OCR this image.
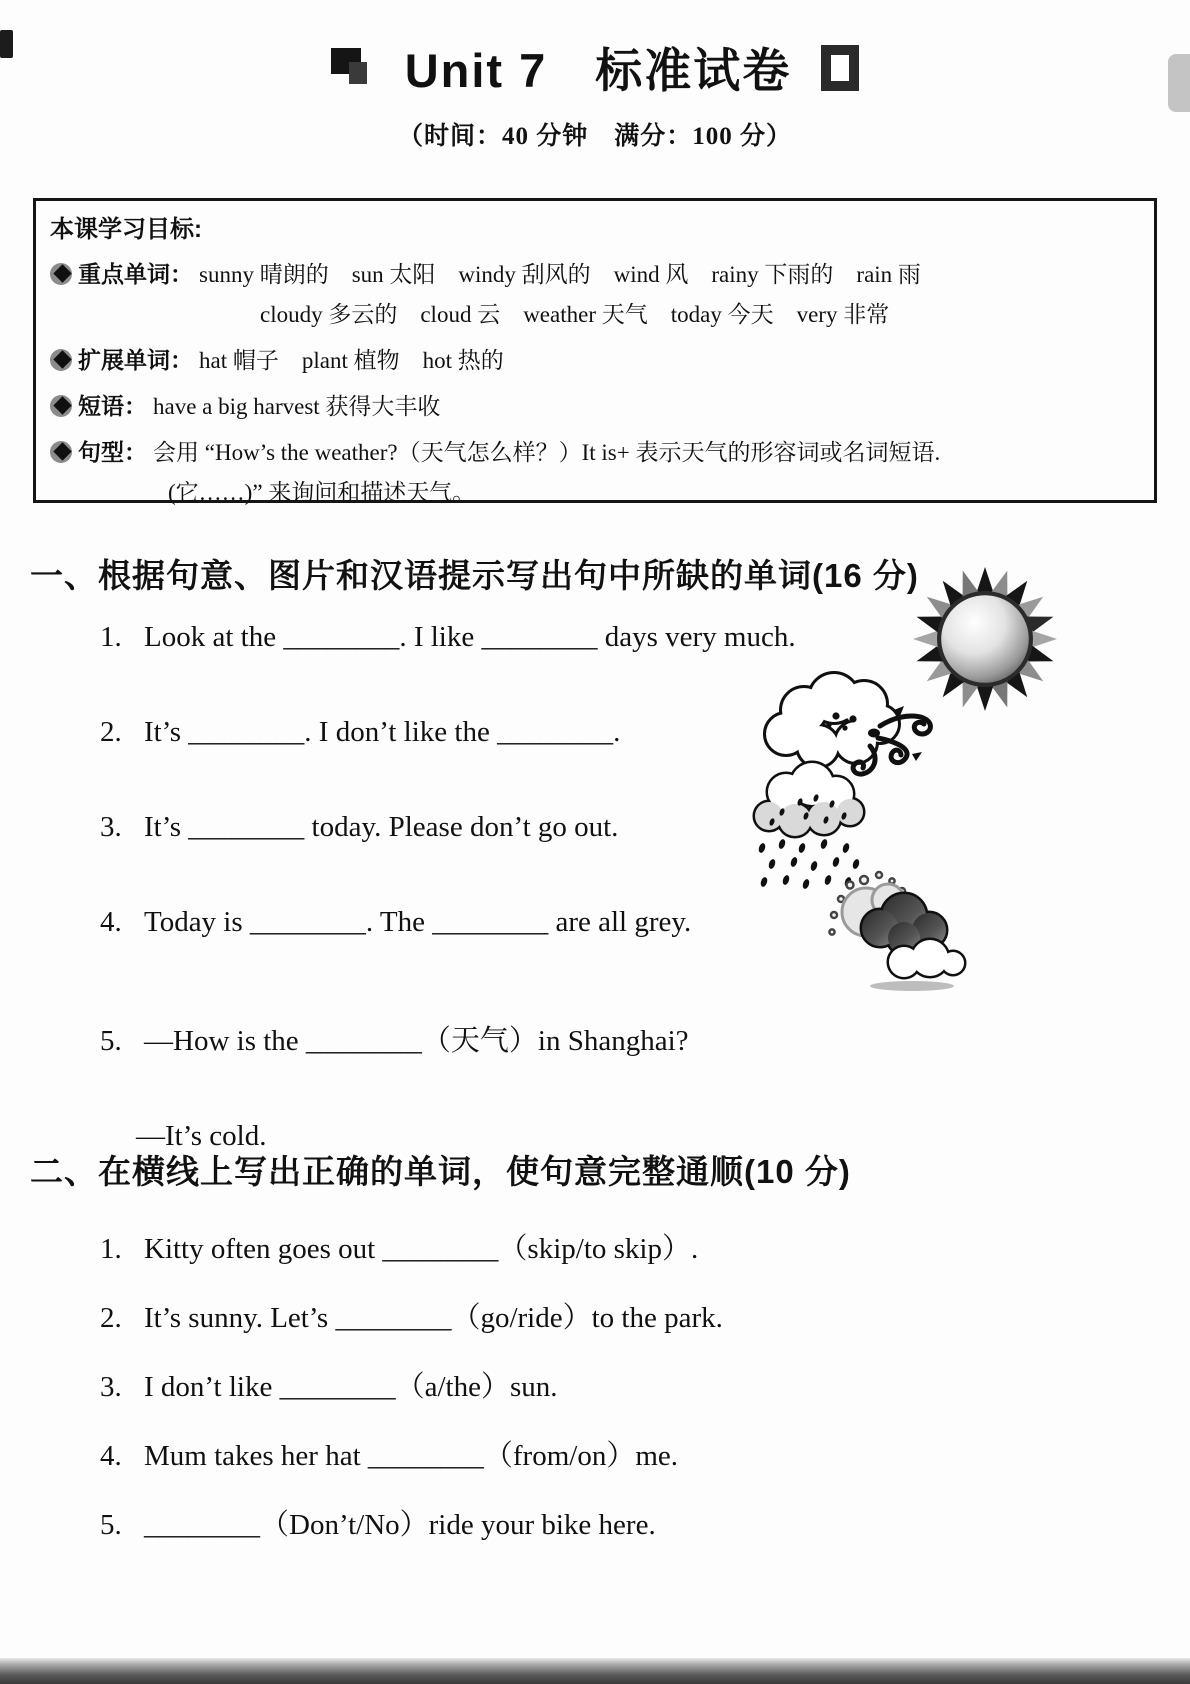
Unit 7 标准试卷
（时间：40 分钟　满分：100 分）
本课学习目标:
重点单词： sunny 晴朗的　sun 太阳　windy 刮风的　wind 风　rainy 下雨的　rain 雨
cloudy 多云的　cloud 云　weather 天气　today 今天　very 非常
扩展单词： hat 帽子　plant 植物　hot 热的
短语： have a big harvest 获得大丰收
句型： 会用 “How’s the weather?（天气怎么样？）It is+ 表示天气的形容词或名词短语.
(它……)” 来询问和描述天气。
一、根据句意、图片和汉语提示写出句中所缺的单词(16 分)
1. Look at the ________. I like ________ days very much.
2. It’s ________. I don’t like the ________.
3. It’s ________ today. Please don’t go out.
4. Today is ________. The ________ are all grey.
5. —How is the ________（天气）in Shanghai?
—It’s cold.
二、在横线上写出正确的单词，使句意完整通顺(10 分)
1. Kitty often goes out ________（skip/to skip）.
2. It’s sunny. Let’s ________（go/ride）to the park.
3. I don’t like ________（a/the）sun.
4. Mum takes her hat ________（from/on）me.
5. ________（Don’t/No）ride your bike here.
